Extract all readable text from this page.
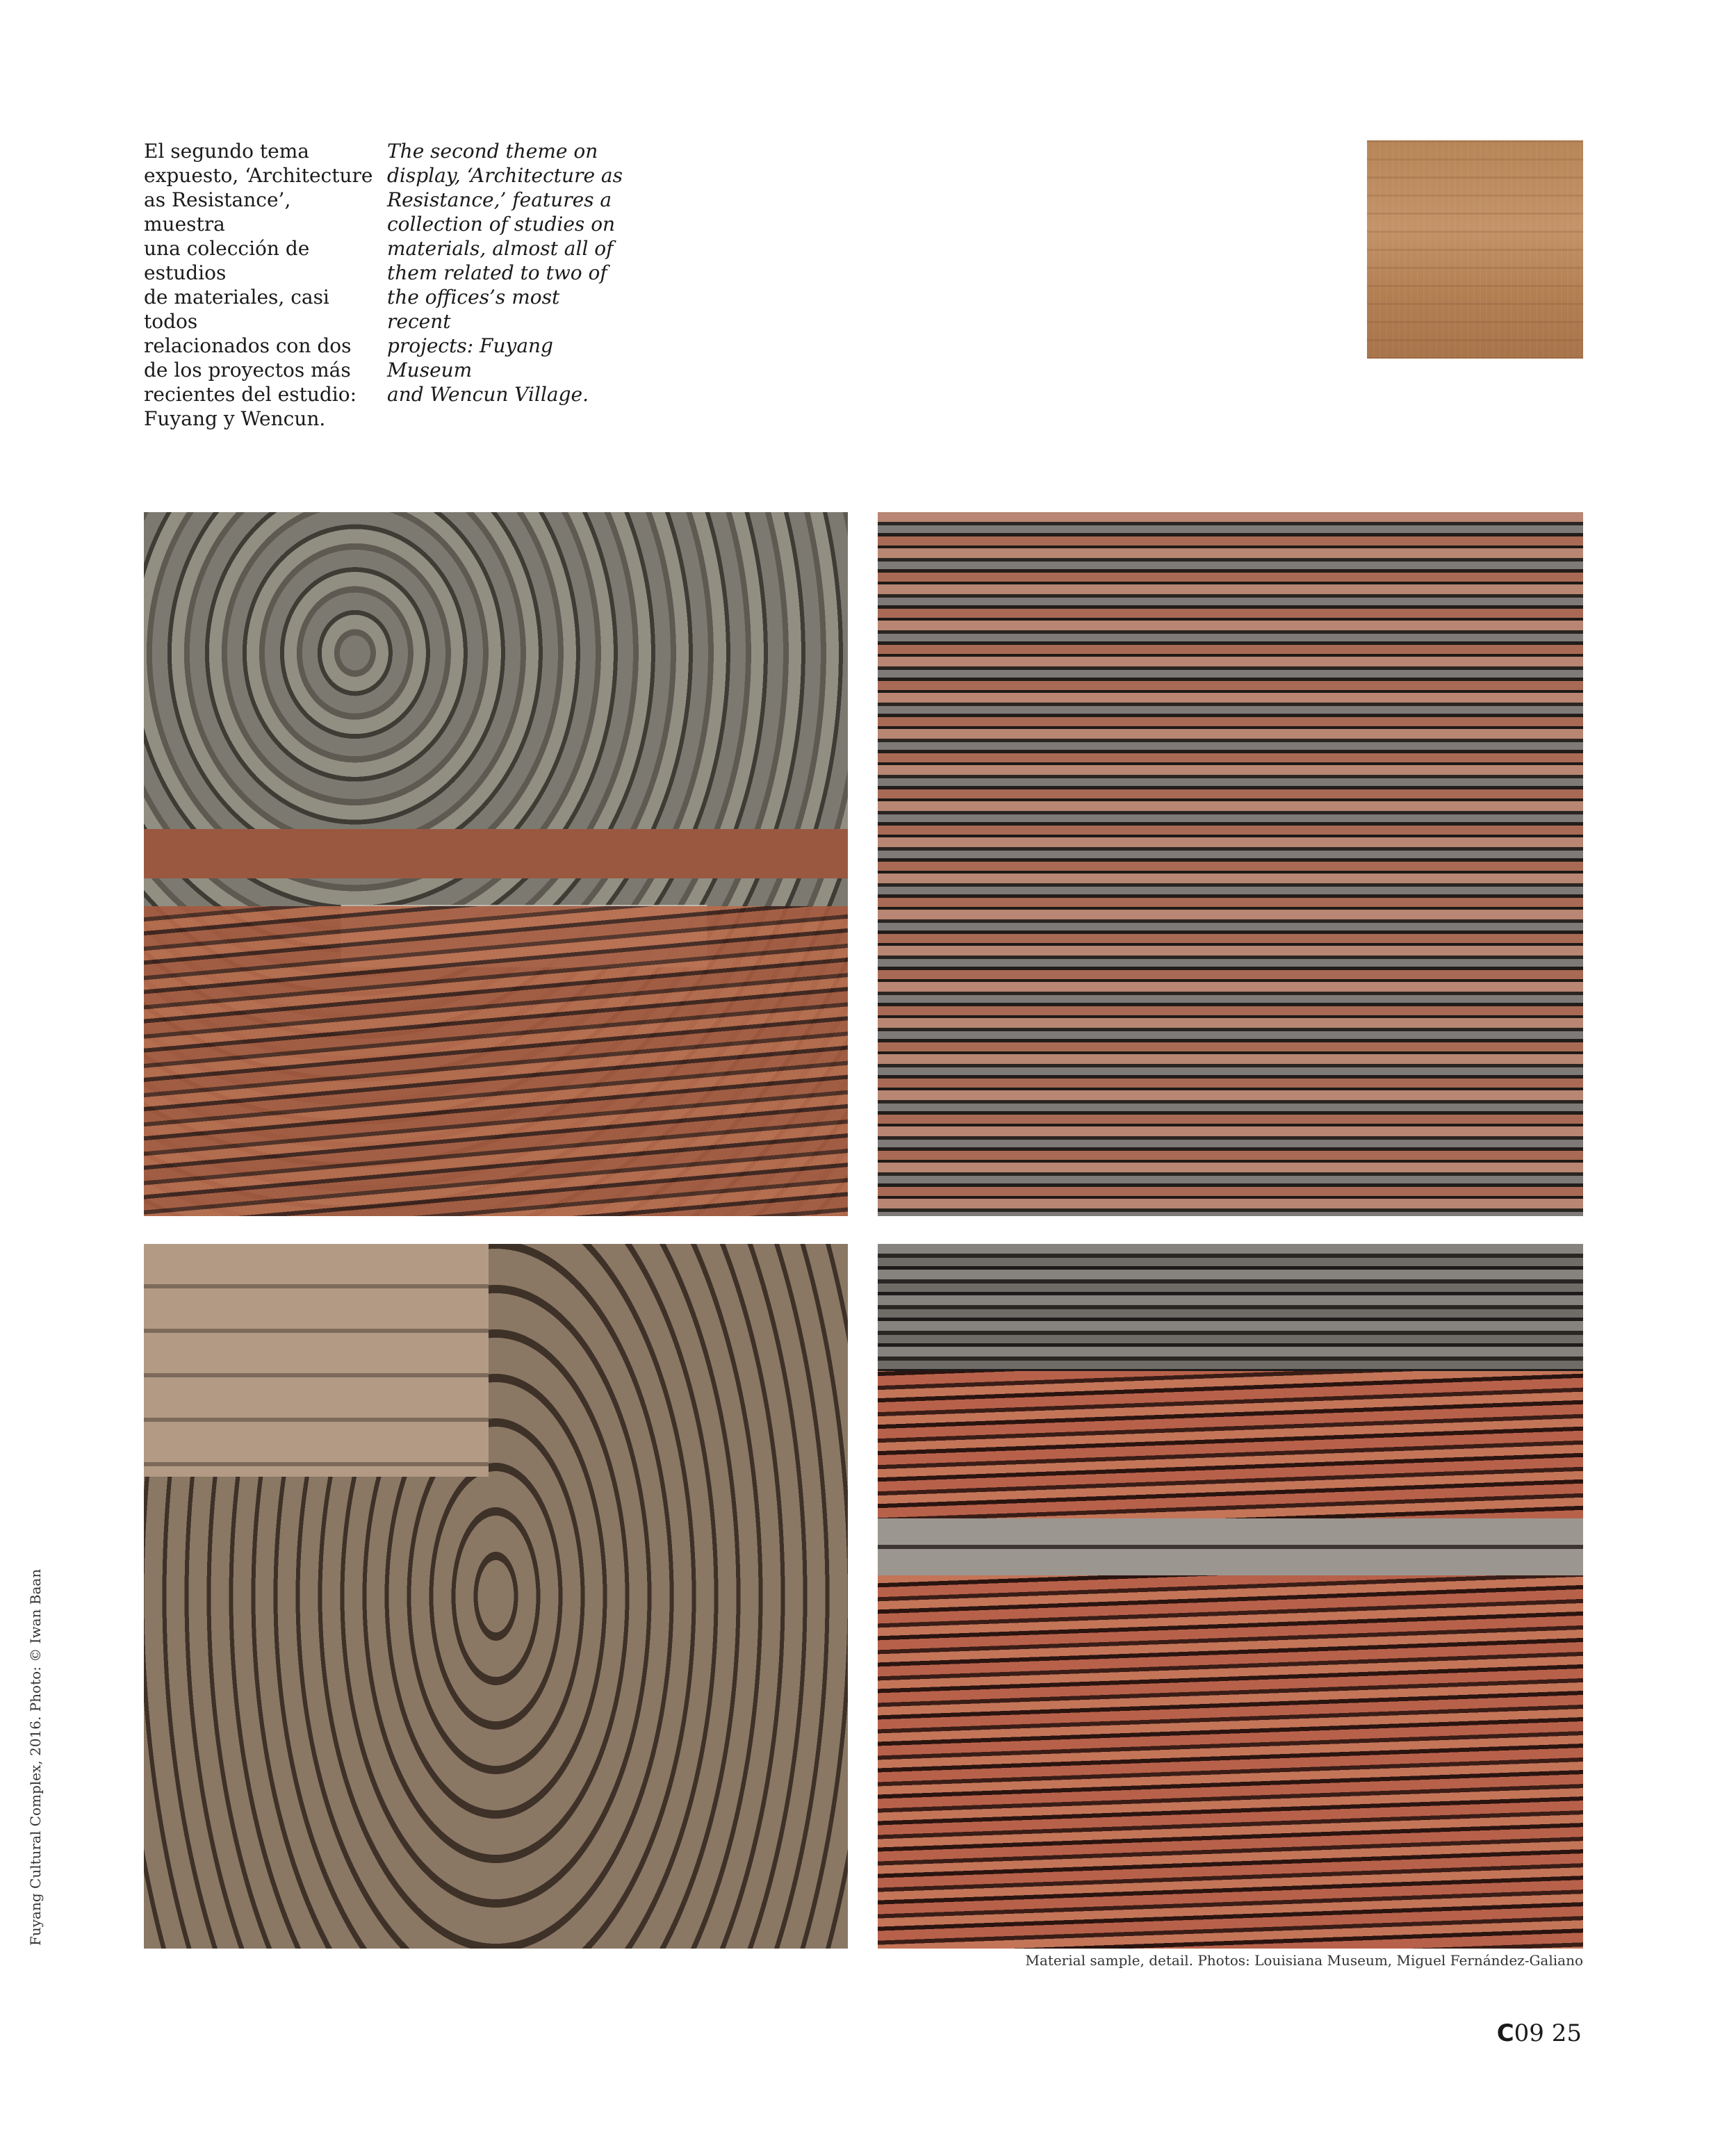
El segundo tema
expuesto, ‘Architecture
as Resistance’, muestra
una colección de estudios
de materiales, casi todos
relacionados con dos
de los proyectos más
recientes del estudio:
Fuyang y Wencun.
The second theme on
display, ‘Architecture as
Resistance,’ features a
collection of studies on
materials, almost all of
them related to two of
the offices’s most recent
projects: Fuyang Museum
and Wencun Village.
Fuyang Cultural Complex, 2016. Photo: © Iwan Baan
Material sample, detail. Photos: Louisiana Museum, Miguel Fernández-Galiano
C09 25
